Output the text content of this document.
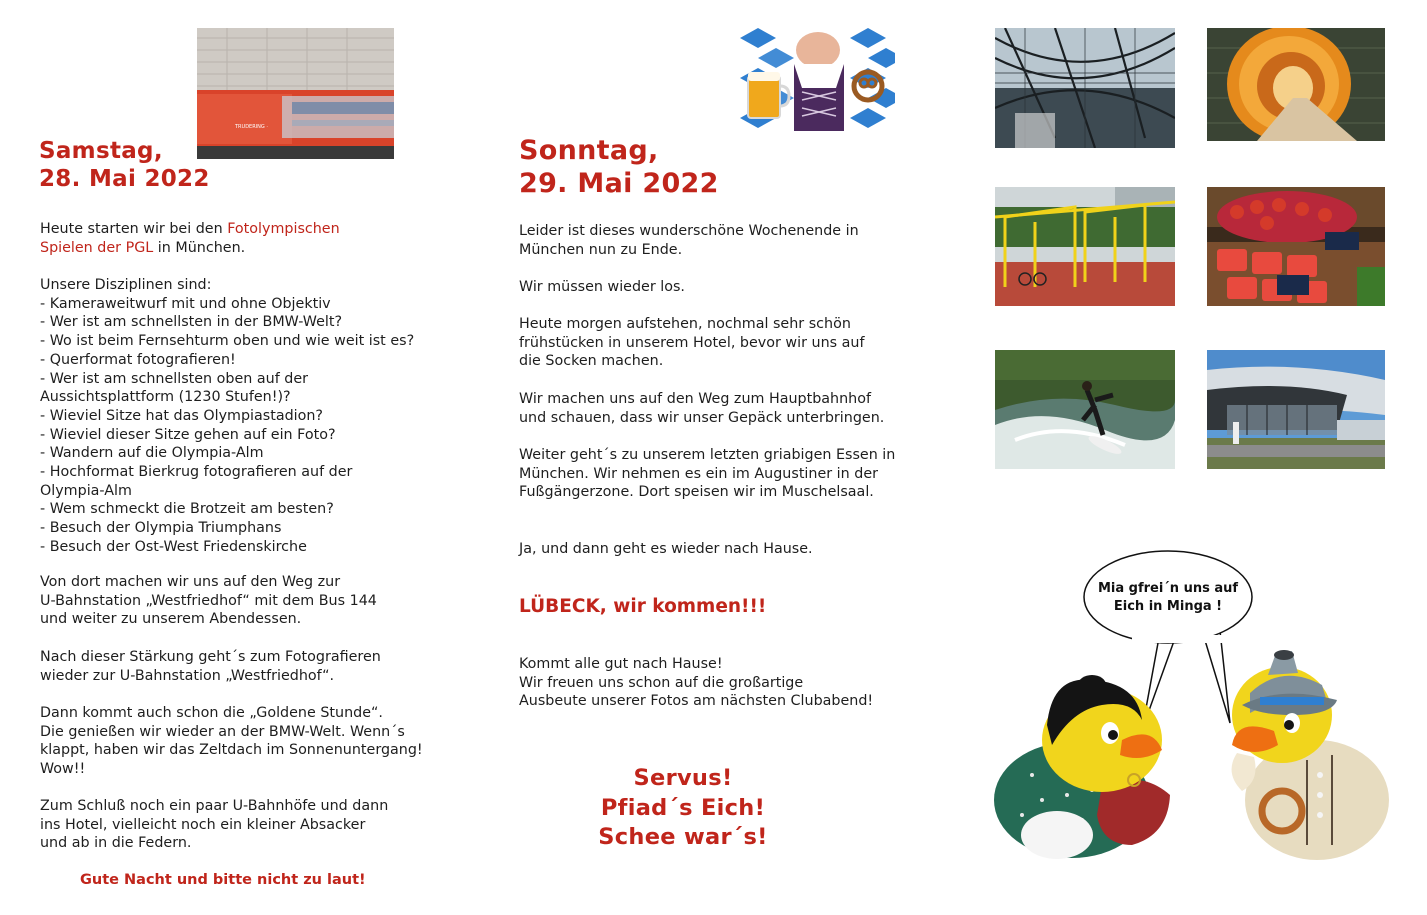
TRUDERING ·
Samstag,
28. Mai 2022
Heute starten wir bei den Fotolympischen
Spielen der PGL in München.
Unsere Disziplinen sind:
- Kameraweitwurf mit und ohne Objektiv
- Wer ist am schnellsten in der BMW-Welt?
- Wo ist beim Fernsehturm oben und wie weit ist es?
- Querformat fotografieren!
- Wer ist am schnellsten oben auf der
Aussichtsplattform (1230 Stufen!)?
- Wieviel Sitze hat das Olympiastadion?
- Wieviel dieser Sitze gehen auf ein Foto?
- Wandern auf die Olympia-Alm
- Hochformat Bierkrug fotografieren auf der
Olympia-Alm
- Wem schmeckt die Brotzeit am besten?
- Besuch der Olympia Triumphans
- Besuch der Ost-West Friedenskirche
Von dort machen wir uns auf den Weg zur
U-Bahnstation „Westfriedhof“ mit dem Bus 144
und weiter zu unserem Abendessen.
Nach dieser Stärkung geht´s zum Fotografieren
wieder zur U-Bahnstation „Westfriedhof“.
Dann kommt auch schon die „Goldene Stunde“.
Die genießen wir wieder an der BMW-Welt. Wenn´s
klappt, haben wir das Zeltdach im Sonnenuntergang!
Wow!!
Zum Schluß noch ein paar U-Bahnhöfe und dann
ins Hotel, vielleicht noch ein kleiner Absacker
und ab in die Federn.
Gute Nacht und bitte nicht zu laut!
Sonntag,
29. Mai 2022
Leider ist dieses wunderschöne Wochenende in
München nun zu Ende.
Wir müssen wieder los.
Heute morgen aufstehen, nochmal sehr schön
frühstücken in unserem Hotel, bevor wir uns auf
die Socken machen.
Wir machen uns auf den Weg zum Hauptbahnhof
und schauen, dass wir unser Gepäck unterbringen.
Weiter geht´s zu unserem letzten griabigen Essen in
München. Wir nehmen es ein im Augustiner in der
Fußgängerzone. Dort speisen wir im Muschelsaal.
Ja, und dann geht es wieder nach Hause.
LÜBECK, wir kommen!!!
Kommt alle gut nach Hause!
Wir freuen uns schon auf die großartige
Ausbeute unserer Fotos am nächsten Clubabend!
Servus!
Pfiad´s Eich!
Schee war´s!
Mia gfrei´n uns auf
Eich in Minga !
